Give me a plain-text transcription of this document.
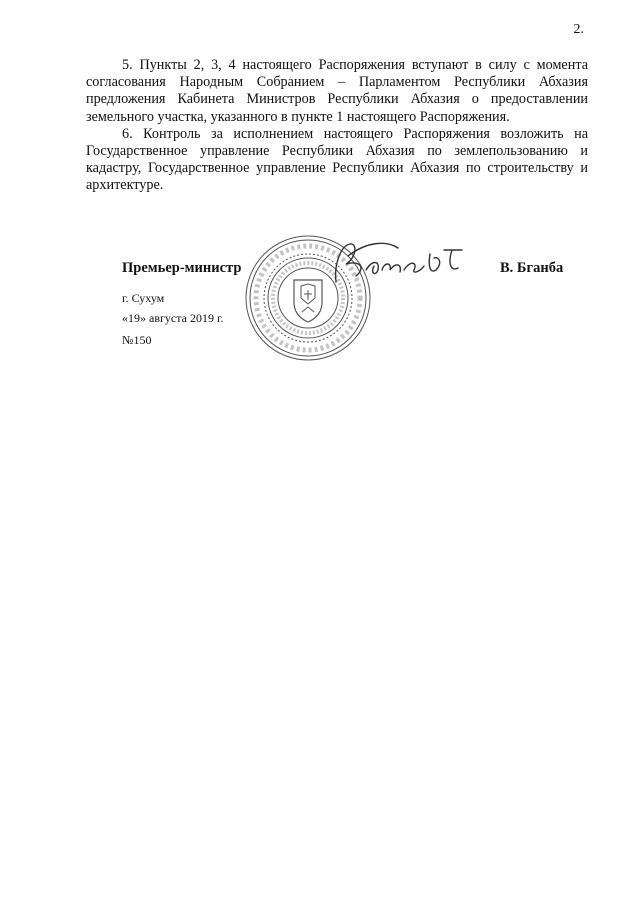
2.

5. Пункты 2, 3, 4 настоящего Распоряжения вступают в силу с момента согласования Народным Собранием – Парламентом Республики Абхазия предложения Кабинета Министров Республики Абхазия о предоставлении земельного участка, указанного в пункте 1 настоящего Распоряжения.

6. Контроль за исполнением настоящего Распоряжения возложить на Государственное управление Республики Абхазия по землепользованию и кадастру, Государственное управление Республики Абхазия по строительству и архитектуре.

Премьер-министр	В. Бганба
г. Сухум
«19» августа 2019 г.
№150
